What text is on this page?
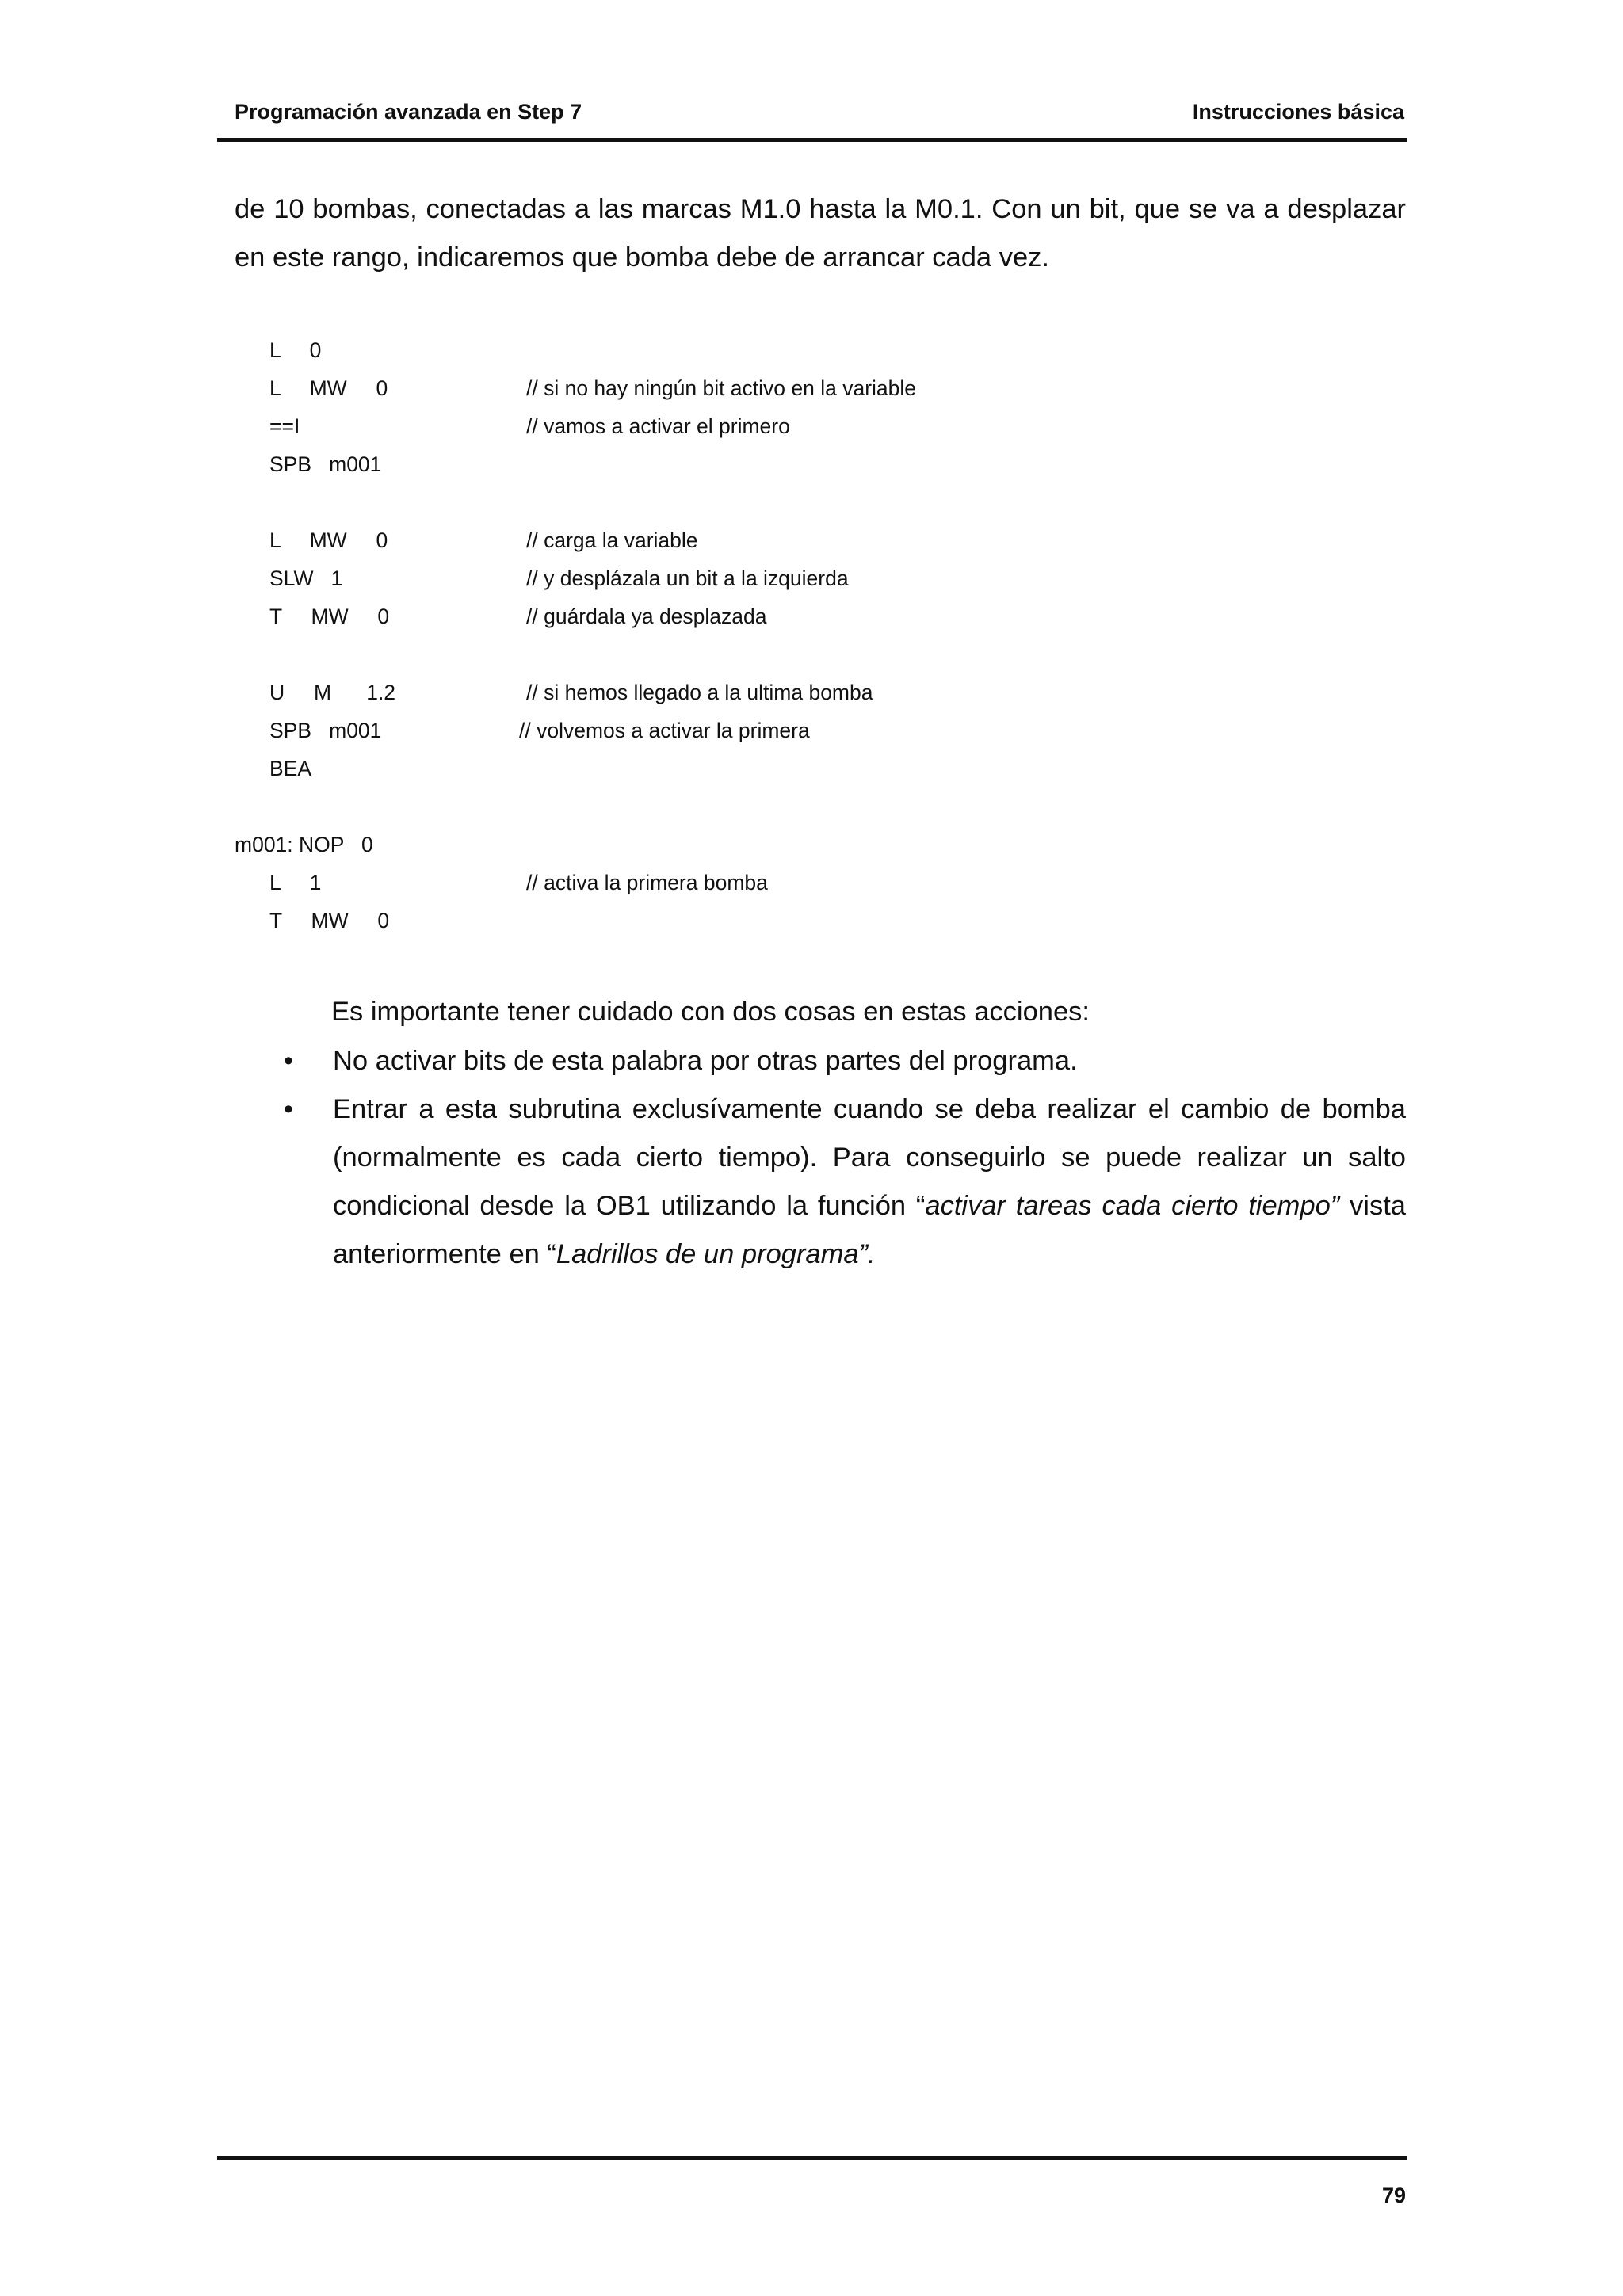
Programación avanzada en Step 7	Instrucciones básica

de 10 bombas, conectadas a las marcas M1.0 hasta la M0.1. Con un bit, que se va a desplazar en este rango, indicaremos que bomba debe de arrancar cada vez.

L     0
L     MW     0	// si no hay ningún bit activo en la variable
==I	// vamos a activar el primero
SPB   m001
L     MW     0	// carga la variable
SLW   1	// y desplázala un bit a la izquierda
T     MW     0	// guárdala ya desplazada
U     M      1.2	// si hemos llegado a la ultima bomba
SPB   m001	// volvemos a activar la primera
BEA
m001: NOP   0
L     1	// activa la primera bomba
T     MW     0
Es importante tener cuidado con dos cosas en estas acciones:
• No activar bits de esta palabra por otras partes del programa.

• Entrar a esta subrutina exclusívamente cuando se deba realizar el cambio de bomba (normalmente es cada cierto tiempo). Para conseguirlo se puede realizar un salto condicional desde la OB1 utilizando la función “activar tareas cada cierto tiempo” vista anteriormente en “Ladrillos de un programa”.

79
